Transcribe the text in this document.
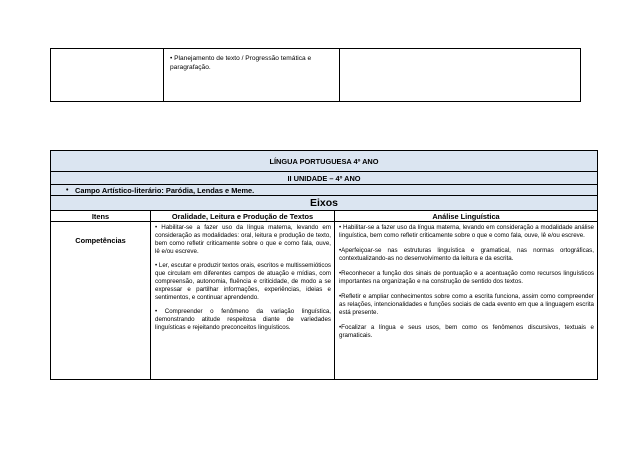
• Planejamento de texto / Progressão temática e paragrafação.
LÍNGUA PORTUGUESA 4º ANO
II UNIDADE – 4º ANO
• Campo Artístico-literário: Paródia, Lendas e Meme.
Eixos
Itens	Oralidade, Leitura e Produção de Textos	Análise Linguística
Competências

• Habilitar-se a fazer uso da língua materna, levando em consideração as modalidades: oral, leitura e produção de texto, bem como refletir criticamente sobre o que e como fala, ouve, lê e/ou escreve.

• Ler, escutar e produzir textos orais, escritos e multissemióticos que circulam em diferentes campos de atuação e mídias, com compreensão, autonomia, fluência e criticidade, de modo a se expressar e partilhar informações, experiências, ideias e sentimentos, e continuar aprendendo.

• Compreender o fenômeno da variação linguística, demonstrando atitude respeitosa diante de variedades linguísticas e rejeitando preconceitos linguísticos.

• Habilitar-se a fazer uso da língua materna, levando em consideração a modalidade análise linguística, bem como refletir criticamente sobre o que e como fala, ouve, lê e/ou escreve.

•Aperfeiçoar-se nas estruturas linguística e gramatical, nas normas ortográficas, contextualizando-as no desenvolvimento da leitura e da escrita.

•Reconhecer a função dos sinais de pontuação e a acentuação como recursos linguísticos importantes na organização e na construção de sentido dos textos.

•Refletir e ampliar conhecimentos sobre como a escrita funciona, assim como compreender as relações, intencionalidades e funções sociais de cada evento em que a linguagem escrita está presente.

•Focalizar a língua e seus usos, bem como os fenômenos discursivos, textuais e gramaticais.
